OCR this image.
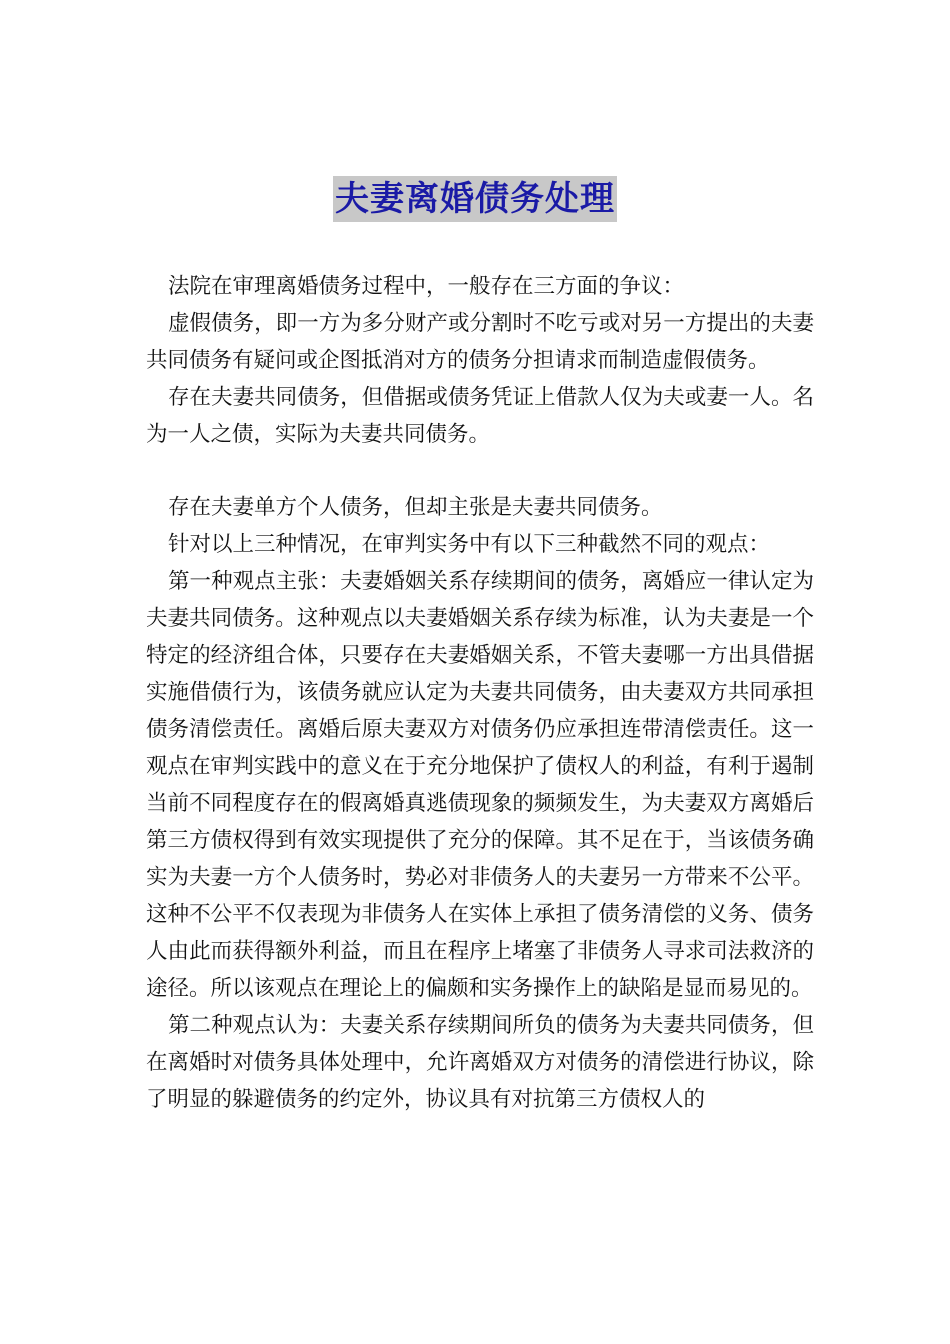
夫妻离婚债务处理

法院在审理离婚债务过程中，一般存在三方面的争议：

虚假债务，即一方为多分财产或分割时不吃亏或对另一方提出的夫妻共同债务有疑问或企图抵消对方的债务分担请求而制造虚假债务。

存在夫妻共同债务，但借据或债务凭证上借款人仅为夫或妻一人。名为一人之债，实际为夫妻共同债务。

存在夫妻单方个人债务，但却主张是夫妻共同债务。

针对以上三种情况，在审判实务中有以下三种截然不同的观点：

第一种观点主张：夫妻婚姻关系存续期间的债务，离婚应一律认定为夫妻共同债务。这种观点以夫妻婚姻关系存续为标准，认为夫妻是一个特定的经济组合体，只要存在夫妻婚姻关系，不管夫妻哪一方出具借据实施借债行为，该债务就应认定为夫妻共同债务，由夫妻双方共同承担债务清偿责任。离婚后原夫妻双方对债务仍应承担连带清偿责任。这一观点在审判实践中的意义在于充分地保护了债权人的利益，有利于遏制当前不同程度存在的假离婚真逃债现象的频频发生，为夫妻双方离婚后第三方债权得到有效实现提供了充分的保障。其不足在于，当该债务确实为夫妻一方个人债务时，势必对非债务人的夫妻另一方带来不公平。这种不公平不仅表现为非债务人在实体上承担了债务清偿的义务、债务人由此而获得额外利益，而且在程序上堵塞了非债务人寻求司法救济的途径。所以该观点在理论上的偏颇和实务操作上的缺陷是显而易见的。

第二种观点认为：夫妻关系存续期间所负的债务为夫妻共同债务，但在离婚时对债务具体处理中，允许离婚双方对债务的清偿进行协议，除了明显的躲避债务的约定外，协议具有对抗第三方债权人的
